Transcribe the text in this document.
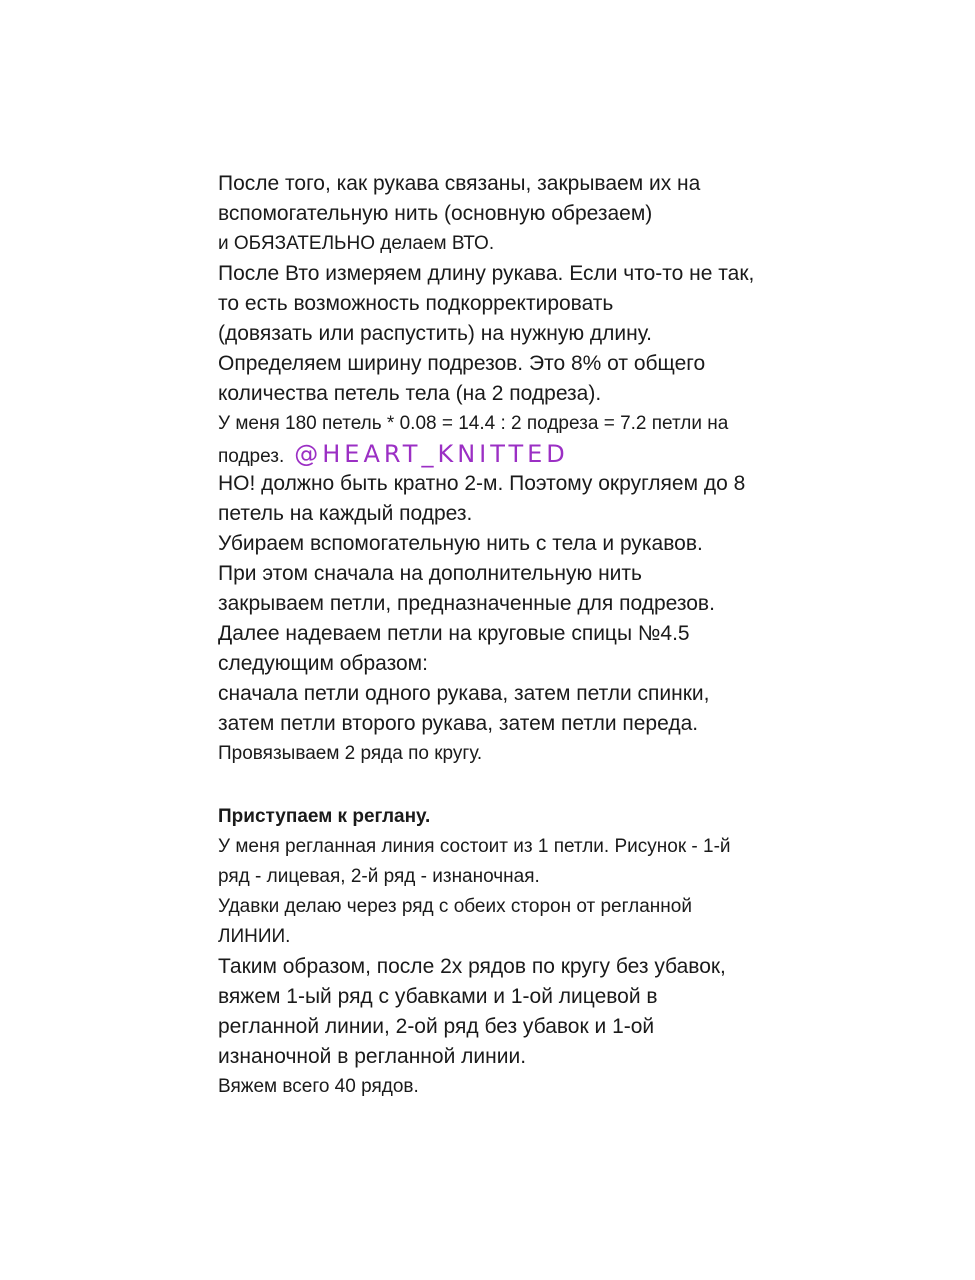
После того, как рукава связаны, закрываем их на
вспомогательную нить (основную обрезаем)
и ОБЯЗАТЕЛЬНО делаем ВТО.
После Вто измеряем длину рукава. Если что-то не так,
то есть возможность подкорректировать
(довязать или распустить) на нужную длину.
Определяем ширину подрезов. Это 8% от общего
количества петель тела (на 2 подреза).
У меня 180 петель * 0.08 = 14.4 : 2 подреза = 7.2 петли на
подрез. @HEART_KNITTED
НО! должно быть кратно 2-м. Поэтому округляем до 8
петель на каждый подрез.
Убираем вспомогательную нить с тела и рукавов.
При этом сначала на дополнительную нить
закрываем петли, предназначенные для подрезов.
Далее надеваем петли на круговые спицы №4.5
следующим образом:
сначала петли одного рукава, затем петли спинки,
затем петли второго рукава, затем петли переда.
Провязываем 2 ряда по кругу.
Приступаем к реглану.
У меня регланная линия состоит из 1 петли. Рисунок - 1-й
ряд - лицевая, 2-й ряд - изнаночная.
Удавки делаю через ряд с обеих сторон от регланной
ЛИНИИ.
Таким образом, после 2х рядов по кругу без убавок,
вяжем 1-ый ряд с убавками и 1-ой лицевой в
регланной линии, 2-ой ряд без убавок и 1-ой
изнаночной в регланной линии.
Вяжем всего 40 рядов.
